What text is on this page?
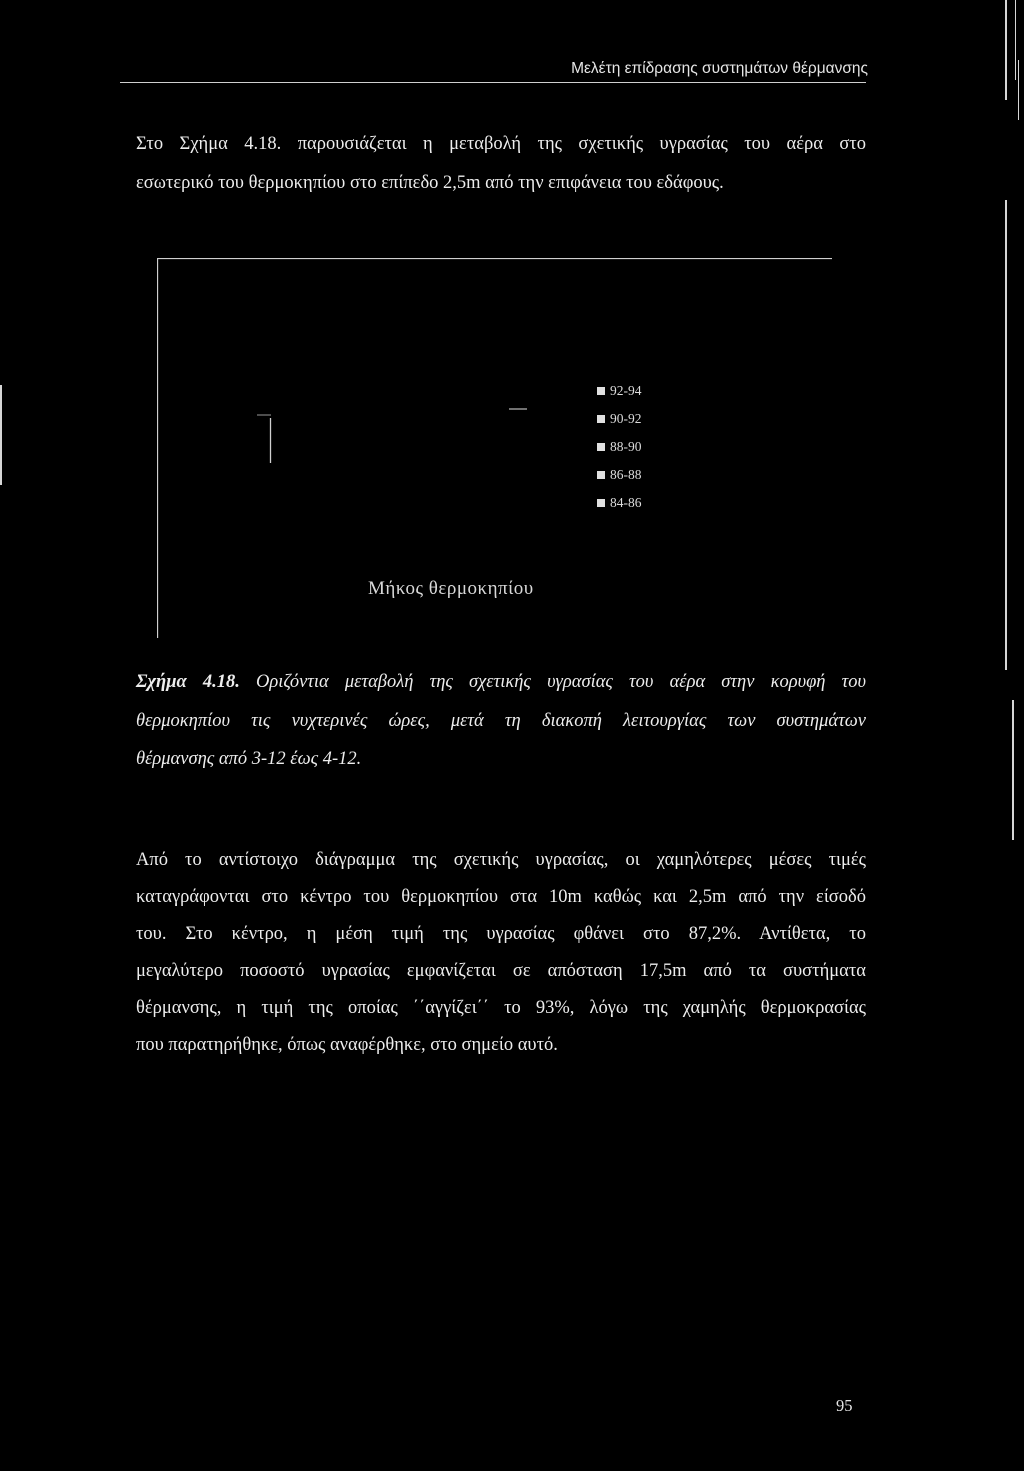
Μελέτη επίδρασης συστημάτων θέρμανσης

Στο Σχήμα 4.18. παρουσιάζεται η μεταβολή της σχετικής υγρασίας του αέρα στο
εσωτερικό του θερμοκηπίου στο επίπεδο 2,5m από την επιφάνεια του εδάφους.

92-94
90-92
88-90
86-88
84-86
Μήκος θερμοκηπίου

Σχήμα 4.18. Οριζόντια μεταβολή της σχετικής υγρασίας του αέρα στην κορυφή του
θερμοκηπίου τις νυχτερινές ώρες, μετά τη διακοπή λειτουργίας των συστημάτων
θέρμανσης από 3-12 έως 4-12.

Από το αντίστοιχο διάγραμμα της σχετικής υγρασίας, οι χαμηλότερες μέσες τιμές
καταγράφονται στο κέντρο του θερμοκηπίου στα 10m καθώς και 2,5m από την είσοδό
του. Στο κέντρο, η μέση τιμή της υγρασίας φθάνει στο 87,2%. Αντίθετα, το
μεγαλύτερο ποσοστό υγρασίας εμφανίζεται σε απόσταση 17,5m από τα συστήματα
θέρμανσης, η τιμή της οποίας ΄΄αγγίζει΄΄ το 93%, λόγω της χαμηλής θερμοκρασίας
που παρατηρήθηκε, όπως αναφέρθηκε, στο σημείο αυτό.

95
